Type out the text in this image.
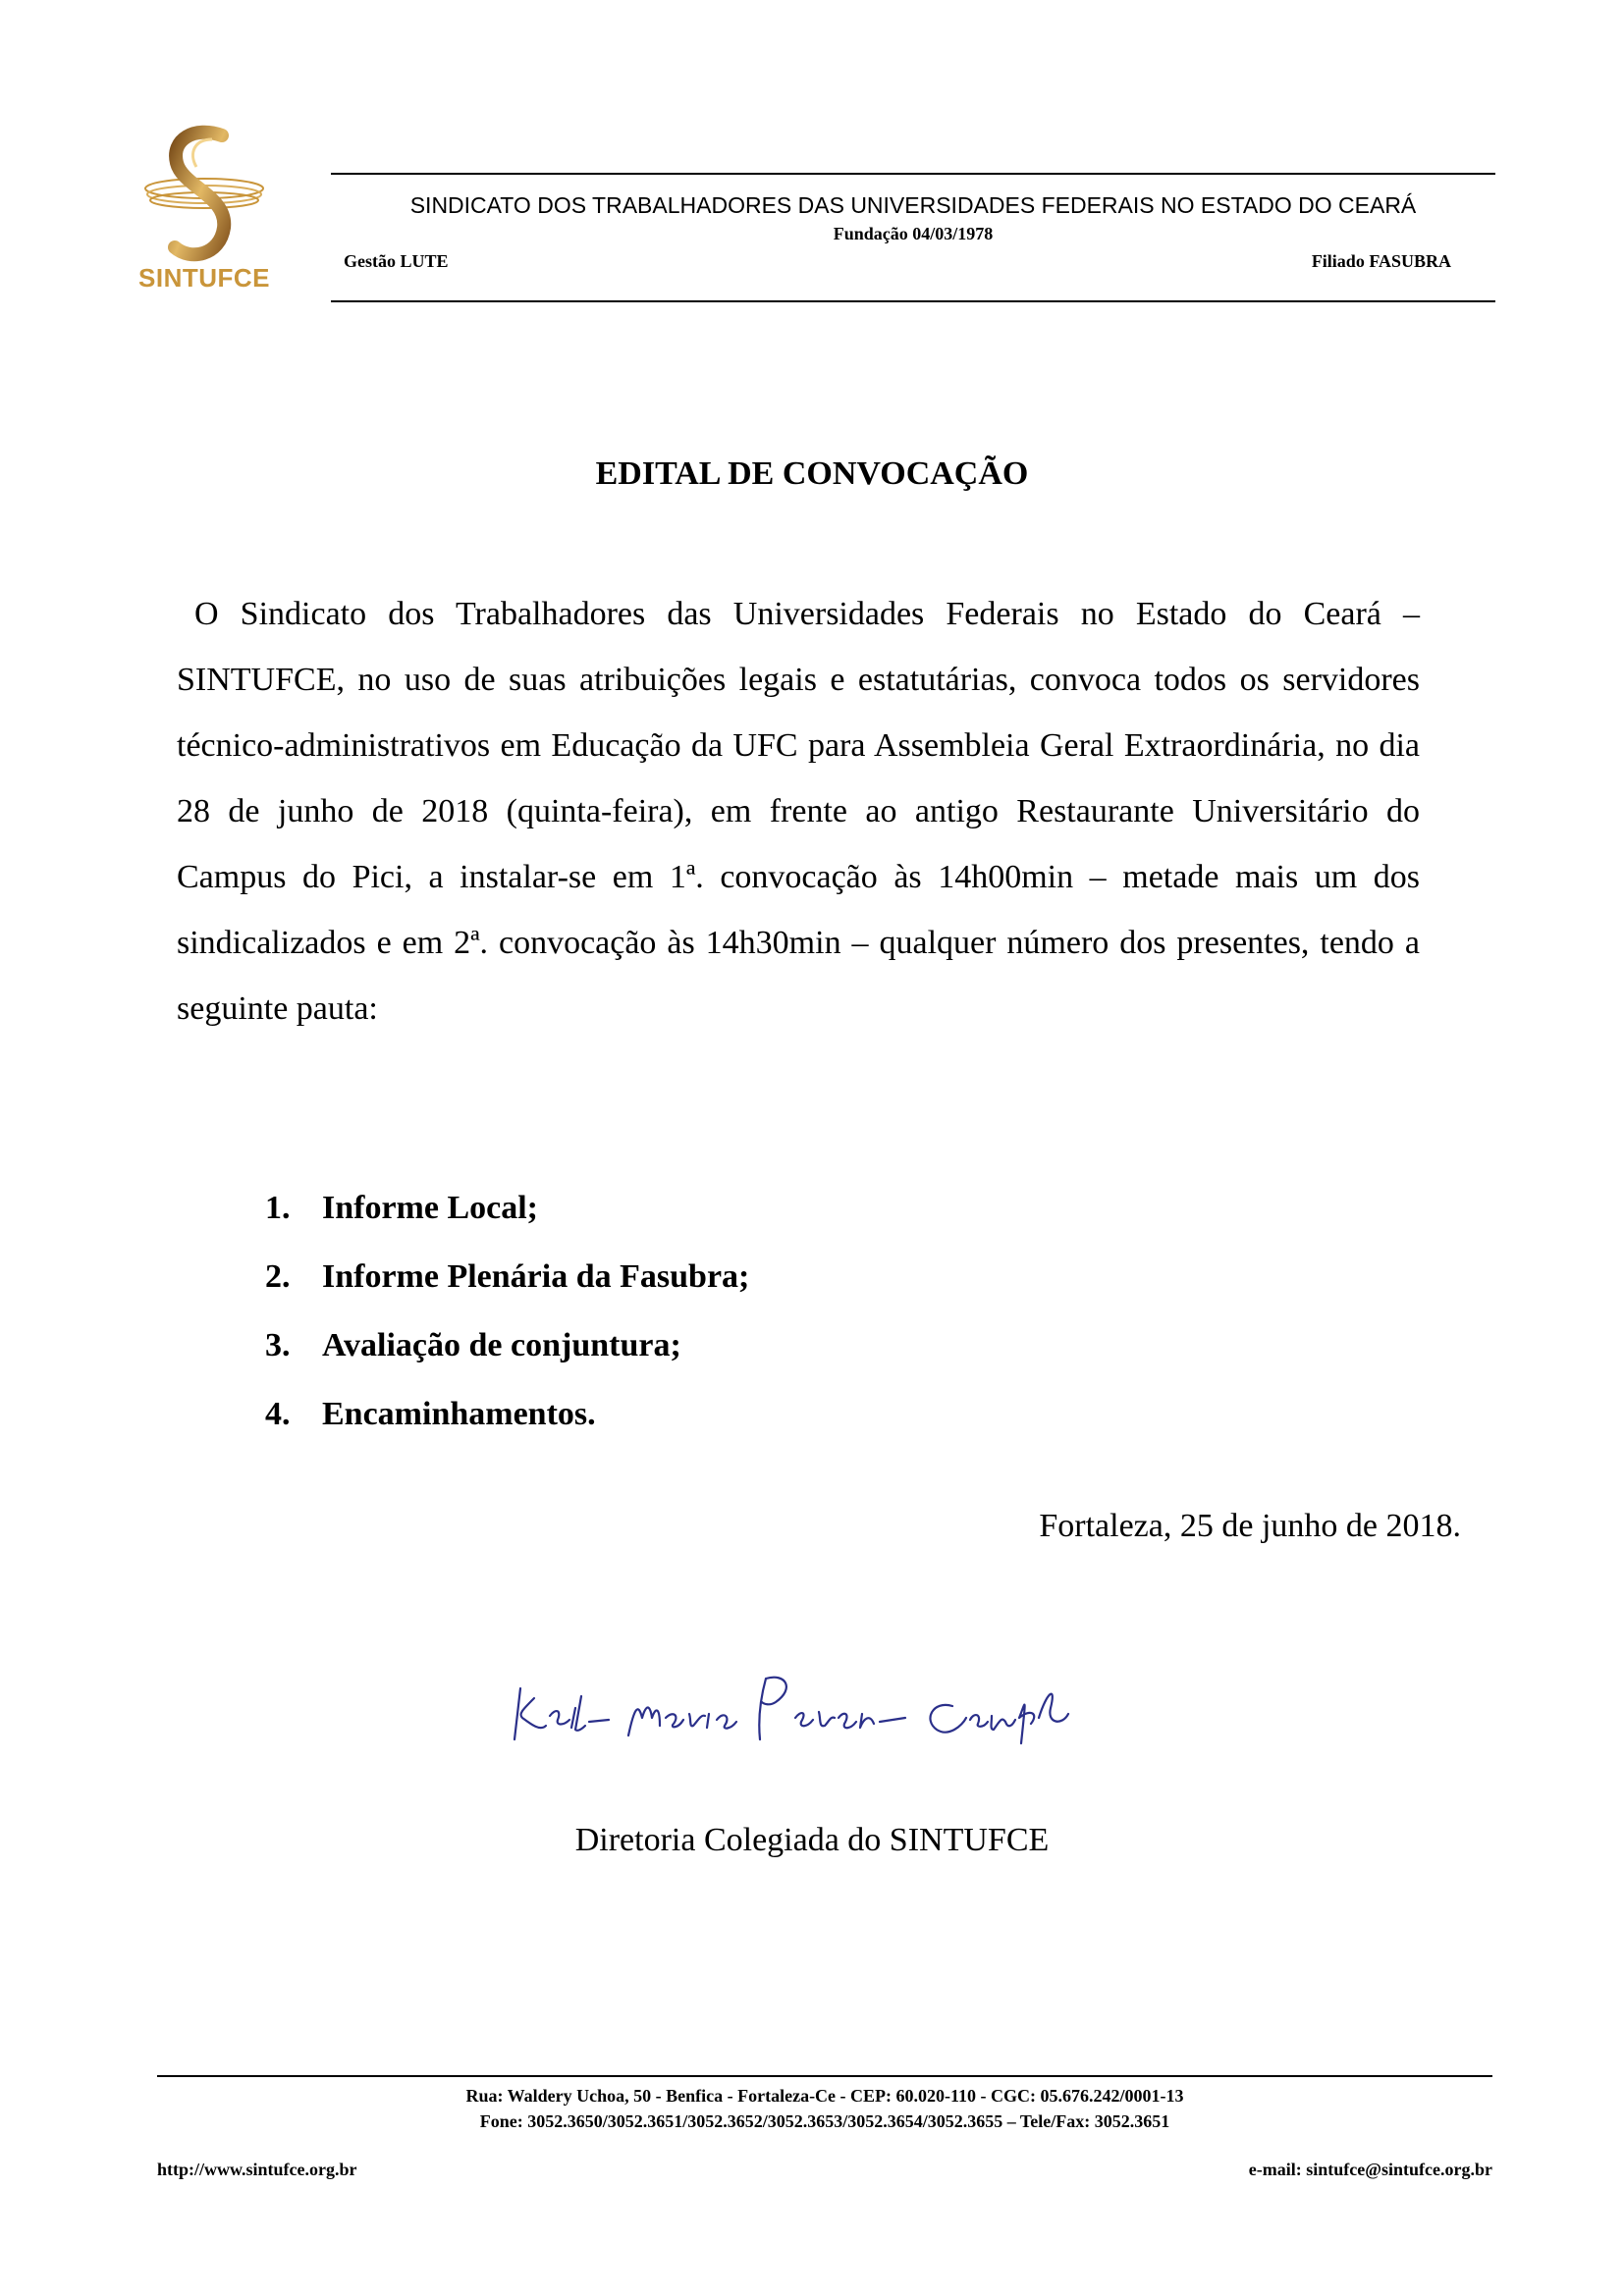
SINTUFCE
SINDICATO DOS TRABALHADORES DAS UNIVERSIDADES FEDERAIS NO ESTADO DO CEARÁ
Fundação 04/03/1978
Gestão LUTE	Filiado FASUBRA
EDITAL DE CONVOCAÇÃO

O Sindicato dos Trabalhadores das Universidades Federais no Estado do Ceará – SINTUFCE, no uso de suas atribuições legais e estatutárias, convoca todos os servidores técnico-administrativos em Educação da UFC para Assembleia Geral Extraordinária, no dia 28 de junho de 2018 (quinta-feira), em frente ao antigo Restaurante Universitário do Campus do Pici, a instalar-se em 1ª. convocação às 14h00min – metade mais um dos sindicalizados e em 2ª. convocação às 14h30min – qualquer número dos presentes, tendo a seguinte pauta:

1. Informe Local;
2. Informe Plenária da Fasubra;
3. Avaliação de conjuntura;
4. Encaminhamentos.
Fortaleza, 25 de junho de 2018.
Diretoria Colegiada do SINTUFCE
Rua: Waldery Uchoa, 50 - Benfica - Fortaleza-Ce - CEP: 60.020-110 - CGC: 05.676.242/0001-13
Fone: 3052.3650/3052.3651/3052.3652/3052.3653/3052.3654/3052.3655 – Tele/Fax: 3052.3651
http://www.sintufce.org.br	e-mail: sintufce@sintufce.org.br
